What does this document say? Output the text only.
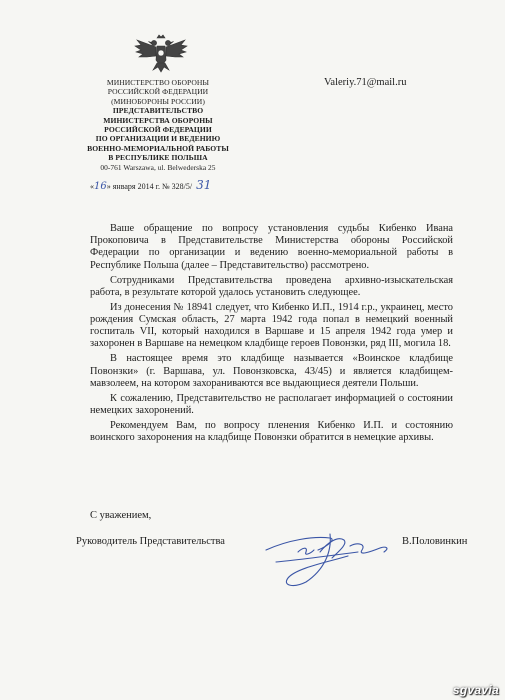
МИНИСТЕРСТВО ОБОРОНЫ
РОССИЙСКОЙ ФЕДЕРАЦИИ
(МИНОБОРОНЫ РОССИИ)
ПРЕДСТАВИТЕЛЬСТВО
МИНИСТЕРСТВА ОБОРОНЫ
РОССИЙСКОЙ ФЕДЕРАЦИИ
ПО ОРГАНИЗАЦИИ И ВЕДЕНИЮ
ВОЕННО-МЕМОРИАЛЬНОЙ РАБОТЫ
В РЕСПУБЛИКЕ ПОЛЬША
00-761 Warszawa, ul. Belwederska 25
Valeriy.71@mail.ru
«16» января 2014 г. № 328/5/ 31

Ваше обращение по вопросу установления судьбы Кибенко Ивана Прокоповича в Представительстве Министерства обороны Российской Федерации по организации и ведению военно-мемориальной работы в Республике Польша (далее – Представительство) рассмотрено.

Сотрудниками Представительства проведена архивно-изыскательская работа, в результате которой удалось установить следующее.

Из донесения № 18941 следует, что Кибенко И.П., 1914 г.р., украинец, место рождения Сумская область, 27 марта 1942 года попал в немецкий военный госпиталь VII, который находился в Варшаве и 15 апреля 1942 года умер и захоронен в Варшаве на немецком кладбище героев Повонзки, ряд III, могила 18.

В настоящее время это кладбище называется «Воинское кладбище Повoнзки» (г. Варшава, ул. Повонзковска, 43/45) и является кладбищем-мавзолеем, на котором захораниваются все выдающиеся деятели Польши.

К сожалению, Представительство не располагает информацией о состоянии немецких захоронений.

Рекомендуем Вам, по вопросу пленения Кибенко И.П. и состоянию воинского захоронения на кладбище Повонзки обратится в немецкие архивы.

С уважением,
Руководитель Представительства	В.Половинкин
sgvavia
